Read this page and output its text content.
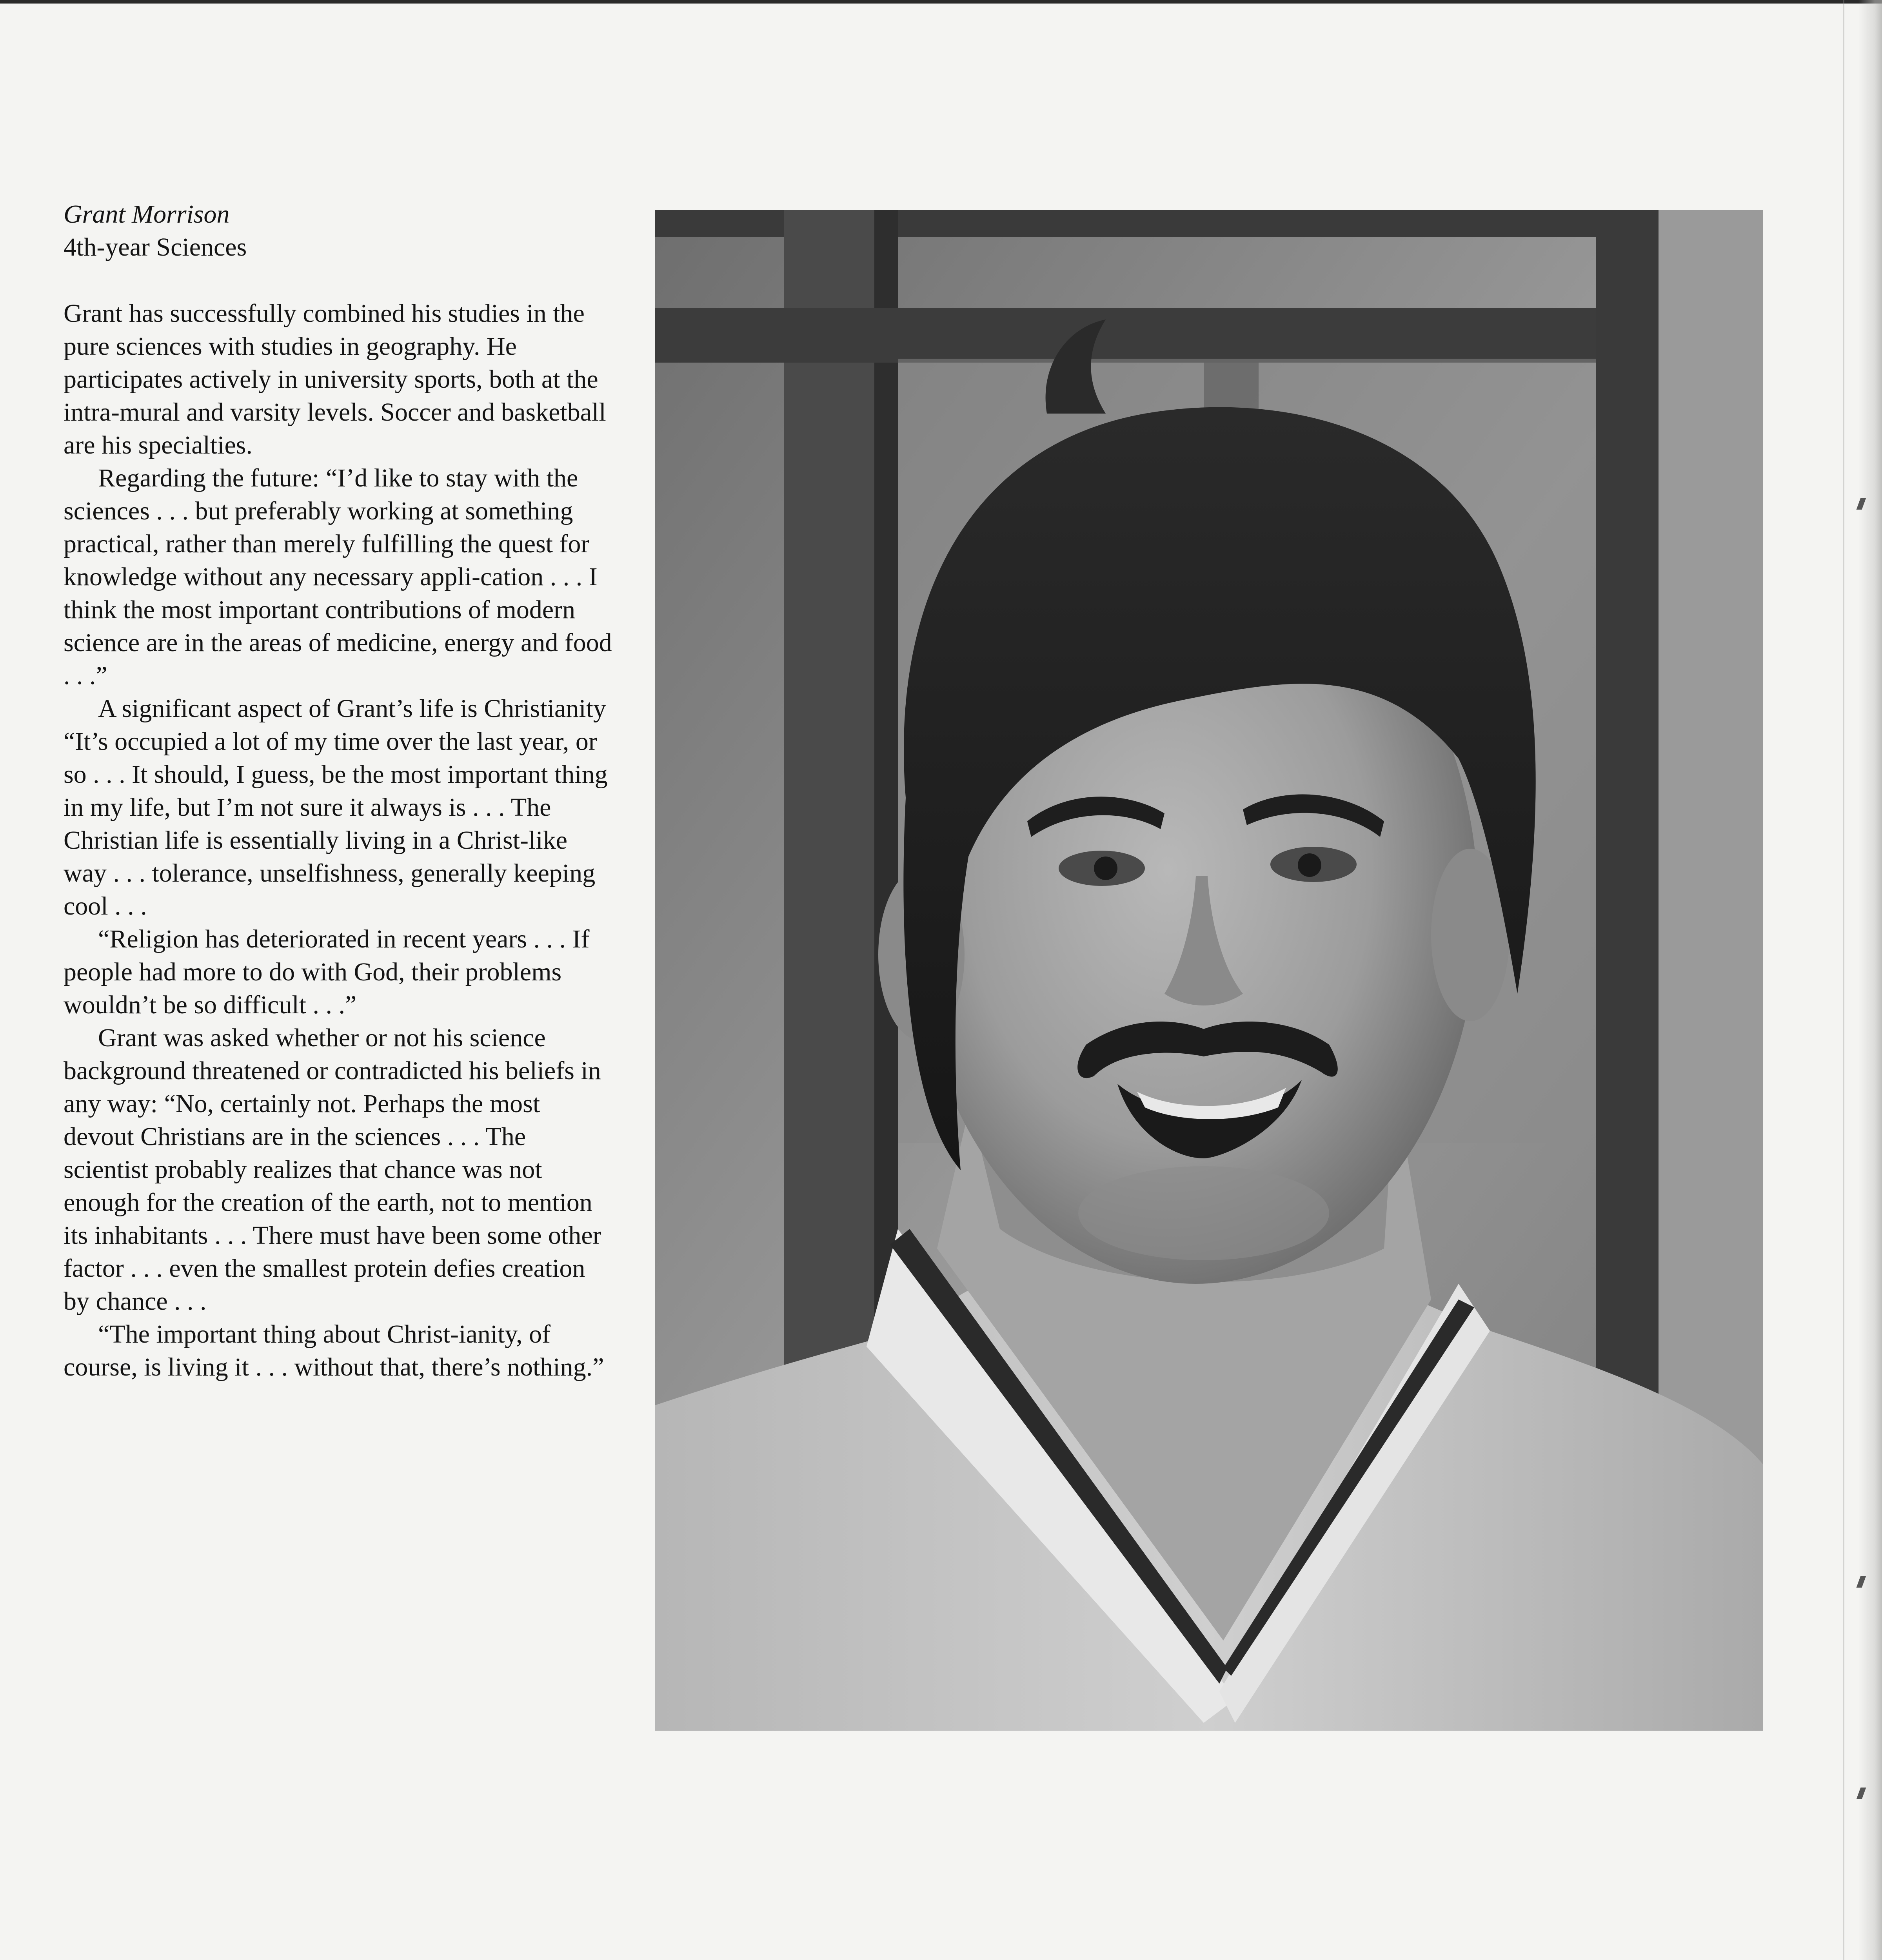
Grant Morrison

4th-year Sciences

Grant has successfully combined his studies in the pure sciences with studies in geography. He participates actively in university sports, both at the intra-mural and varsity levels. Soccer and basketball are his specialties.

Regarding the future: “I’d like to stay with the sciences . . . but preferably working at something practical, rather than merely fulfilling the quest for knowledge without any necessary appli-cation . . . I think the most important contributions of modern science are in the areas of medicine, energy and food . . .”

A significant aspect of Grant’s life is Christianity “It’s occupied a lot of my time over the last year, or so . . . It should, I guess, be the most important thing in my life, but I’m not sure it always is . . . The Christian life is essentially living in a Christ-like way . . . tolerance, unselfishness, generally keeping cool . . .

“Religion has deteriorated in recent years . . . If people had more to do with God, their problems wouldn’t be so difficult . . .”

Grant was asked whether or not his science background threatened or contradicted his beliefs in any way: “No, certainly not. Perhaps the most devout Christians are in the sciences . . . The scientist probably realizes that chance was not enough for the creation of the earth, not to mention its inhabitants . . . There must have been some other factor . . . even the smallest protein defies creation by chance . . .

“The important thing about Christ-ianity, of course, is living it . . . without that, there’s nothing.”
